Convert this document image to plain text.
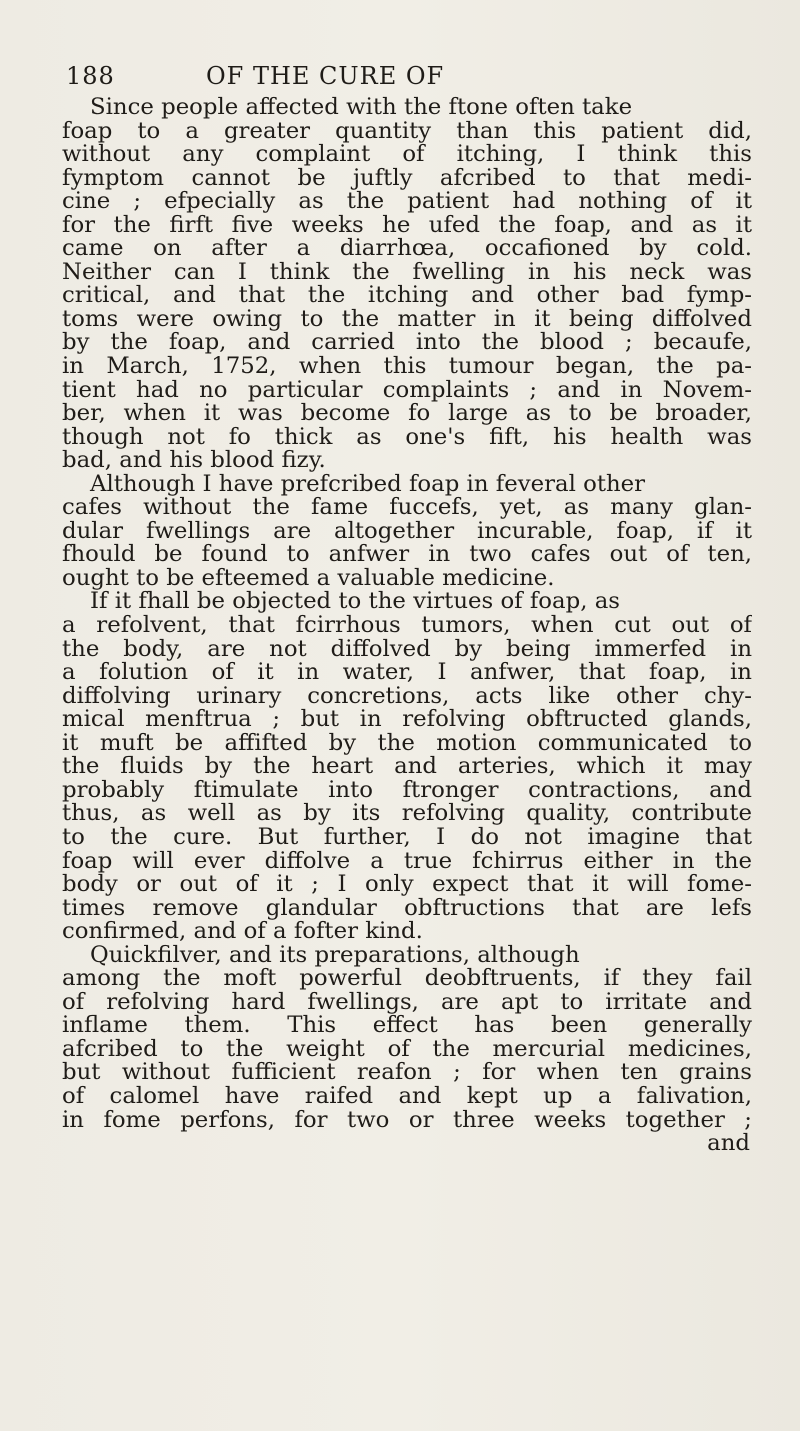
188	OF THE CURE OF
Since people affected with the ftone often take
foap to a greater quantity than this patient did,
without any complaint of itching, I think this
fymptom cannot be juftly afcribed to that medi-
cine ; efpecially as the patient had nothing of it
for the firft five weeks he ufed the foap, and as it
came on after a diarrhœa, occafioned by cold.
Neither can I think the fwelling in his neck was
critical, and that the itching and other bad fymp-
toms were owing to the matter in it being diffolved
by the foap, and carried into the blood ; becaufe,
in March, 1752, when this tumour began, the pa-
tient had no particular complaints ; and in Novem-
ber, when it was become fo large as to be broader,
though not fo thick as one's fift, his health was
bad, and his blood fizy.
Although I have prefcribed foap in feveral other
cafes without the fame fuccefs, yet, as many glan-
dular fwellings are altogether incurable, foap, if it
fhould be found to anfwer in two cafes out of ten,
ought to be efteemed a valuable medicine.
If it fhall be objected to the virtues of foap, as
a refolvent, that fcirrhous tumors, when cut out of
the body, are not diffolved by being immerfed in
a folution of it in water, I anfwer, that foap, in
diffolving urinary concretions, acts like other chy-
mical menftrua ; but in refolving obftructed glands,
it muft be affifted by the motion communicated to
the fluids by the heart and arteries, which it may
probably ftimulate into ftronger contractions, and
thus, as well as by its refolving quality, contribute
to the cure. But further, I do not imagine that
foap will ever diffolve a true fchirrus either in the
body or out of it ; I only expect that it will fome-
times remove glandular obftructions that are lefs
confirmed, and of a fofter kind.
Quickfilver, and its preparations, although
among the moft powerful deobftruents, if they fail
of refolving hard fwellings, are apt to irritate and
inflame them. This effect has been generally
afcribed to the weight of the mercurial medicines,
but without fufficient reafon ; for when ten grains
of calomel have raifed and kept up a falivation,
in fome perfons, for two or three weeks together ;
and
